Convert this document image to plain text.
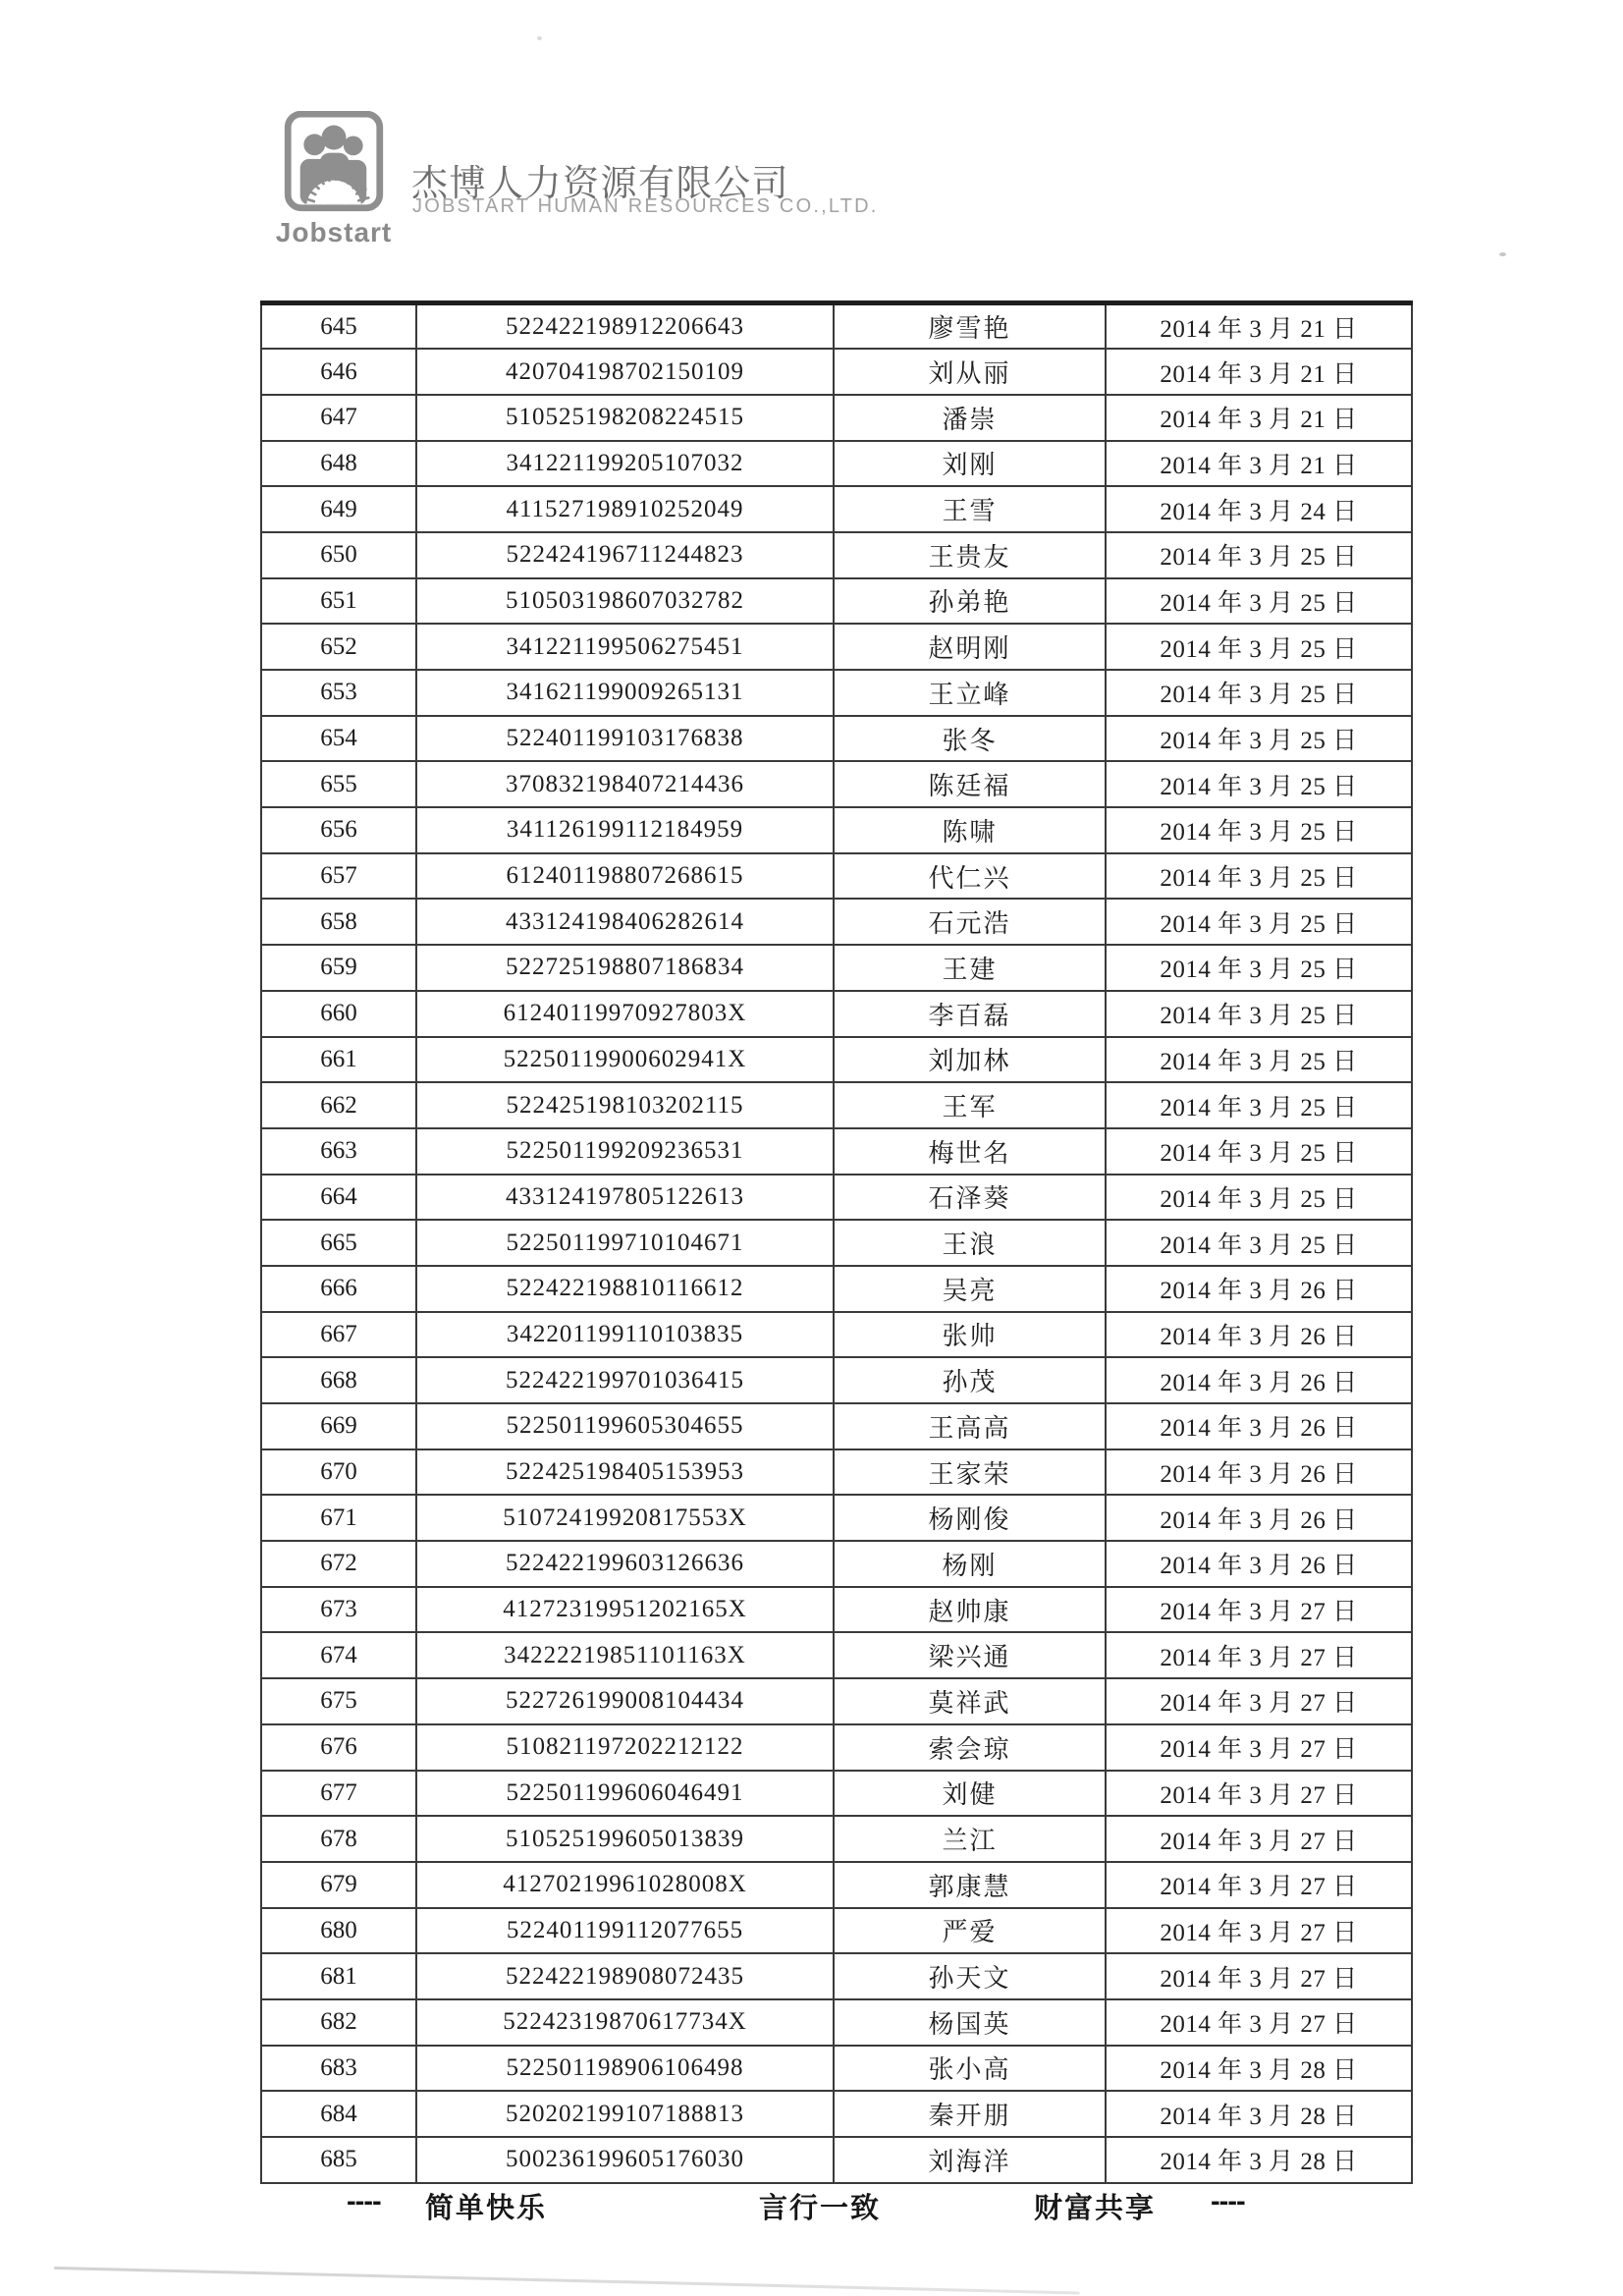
Jobstart
杰博人力资源有限公司
JOBSTART HUMAN RESOURCES CO.,LTD.
645	522422198912206643	廖雪艳	2014 年 3 月 21 日
646	420704198702150109	刘从丽	2014 年 3 月 21 日
647	510525198208224515	潘崇	2014 年 3 月 21 日
648	341221199205107032	刘刚	2014 年 3 月 21 日
649	411527198910252049	王雪	2014 年 3 月 24 日
650	522424196711244823	王贵友	2014 年 3 月 25 日
651	510503198607032782	孙弟艳	2014 年 3 月 25 日
652	341221199506275451	赵明刚	2014 年 3 月 25 日
653	341621199009265131	王立峰	2014 年 3 月 25 日
654	522401199103176838	张冬	2014 年 3 月 25 日
655	370832198407214436	陈廷福	2014 年 3 月 25 日
656	341126199112184959	陈啸	2014 年 3 月 25 日
657	612401198807268615	代仁兴	2014 年 3 月 25 日
658	433124198406282614	石元浩	2014 年 3 月 25 日
659	522725198807186834	王建	2014 年 3 月 25 日
660	61240119970927803X	李百磊	2014 年 3 月 25 日
661	52250119900602941X	刘加林	2014 年 3 月 25 日
662	522425198103202115	王军	2014 年 3 月 25 日
663	522501199209236531	梅世名	2014 年 3 月 25 日
664	433124197805122613	石泽葵	2014 年 3 月 25 日
665	522501199710104671	王浪	2014 年 3 月 25 日
666	522422198810116612	吴亮	2014 年 3 月 26 日
667	342201199110103835	张帅	2014 年 3 月 26 日
668	522422199701036415	孙茂	2014 年 3 月 26 日
669	522501199605304655	王高高	2014 年 3 月 26 日
670	522425198405153953	王家荣	2014 年 3 月 26 日
671	51072419920817553X	杨刚俊	2014 年 3 月 26 日
672	522422199603126636	杨刚	2014 年 3 月 26 日
673	41272319951202165X	赵帅康	2014 年 3 月 27 日
674	34222219851101163X	梁兴通	2014 年 3 月 27 日
675	522726199008104434	莫祥武	2014 年 3 月 27 日
676	510821197202212122	索会琼	2014 年 3 月 27 日
677	522501199606046491	刘健	2014 年 3 月 27 日
678	510525199605013839	兰江	2014 年 3 月 27 日
679	41270219961028008X	郭康慧	2014 年 3 月 27 日
680	522401199112077655	严爱	2014 年 3 月 27 日
681	522422198908072435	孙天文	2014 年 3 月 27 日
682	52242319870617734X	杨国英	2014 年 3 月 27 日
683	522501198906106498	张小高	2014 年 3 月 28 日
684	520202199107188813	秦开朋	2014 年 3 月 28 日
685	500236199605176030	刘海洋	2014 年 3 月 28 日
---- 简单快乐	言行一致	财富共享 ----
